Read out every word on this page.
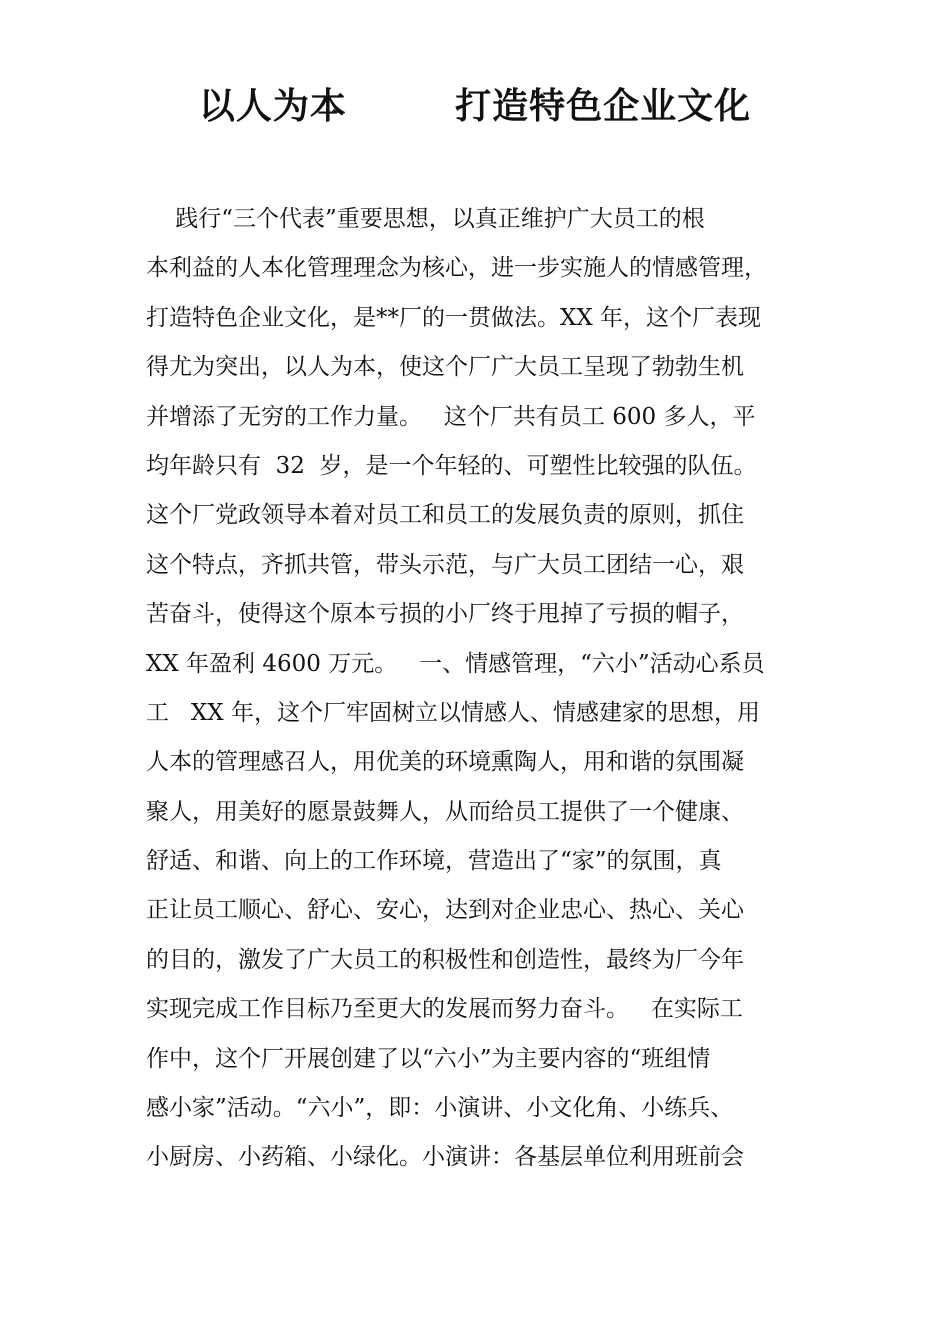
以人为本        打造特色企业文化
践行“三个代表”重要思想，以真正维护广大员工的根
本利益的人本化管理理念为核心，进一步实施人的情感管理，
打造特色企业文化，是**厂的一贯做法。XX 年，这个厂表现
得尤为突出，以人为本，使这个厂广大员工呈现了勃勃生机
并增添了无穷的工作力量。   这个厂共有员工 600 多人，平
均年龄只有  32  岁，是一个年轻的、可塑性比较强的队伍。
这个厂党政领导本着对员工和员工的发展负责的原则，抓住
这个特点，齐抓共管，带头示范，与广大员工团结一心，艰
苦奋斗，使得这个原本亏损的小厂终于甩掉了亏损的帽子，
XX 年盈利 4600 万元。   一、情感管理，“六小”活动心系员
工   XX 年，这个厂牢固树立以情感人、情感建家的思想，用
人本的管理感召人，用优美的环境熏陶人，用和谐的氛围凝
聚人，用美好的愿景鼓舞人，从而给员工提供了一个健康、
舒适、和谐、向上的工作环境，营造出了“家”的氛围，真
正让员工顺心、舒心、安心，达到对企业忠心、热心、关心
的目的，激发了广大员工的积极性和创造性，最终为厂今年
实现完成工作目标乃至更大的发展而努力奋斗。   在实际工
作中，这个厂开展创建了以“六小”为主要内容的“班组情
感小家”活动。“六小”，即：小演讲、小文化角、小练兵、
小厨房、小药箱、小绿化。小演讲：各基层单位利用班前会
